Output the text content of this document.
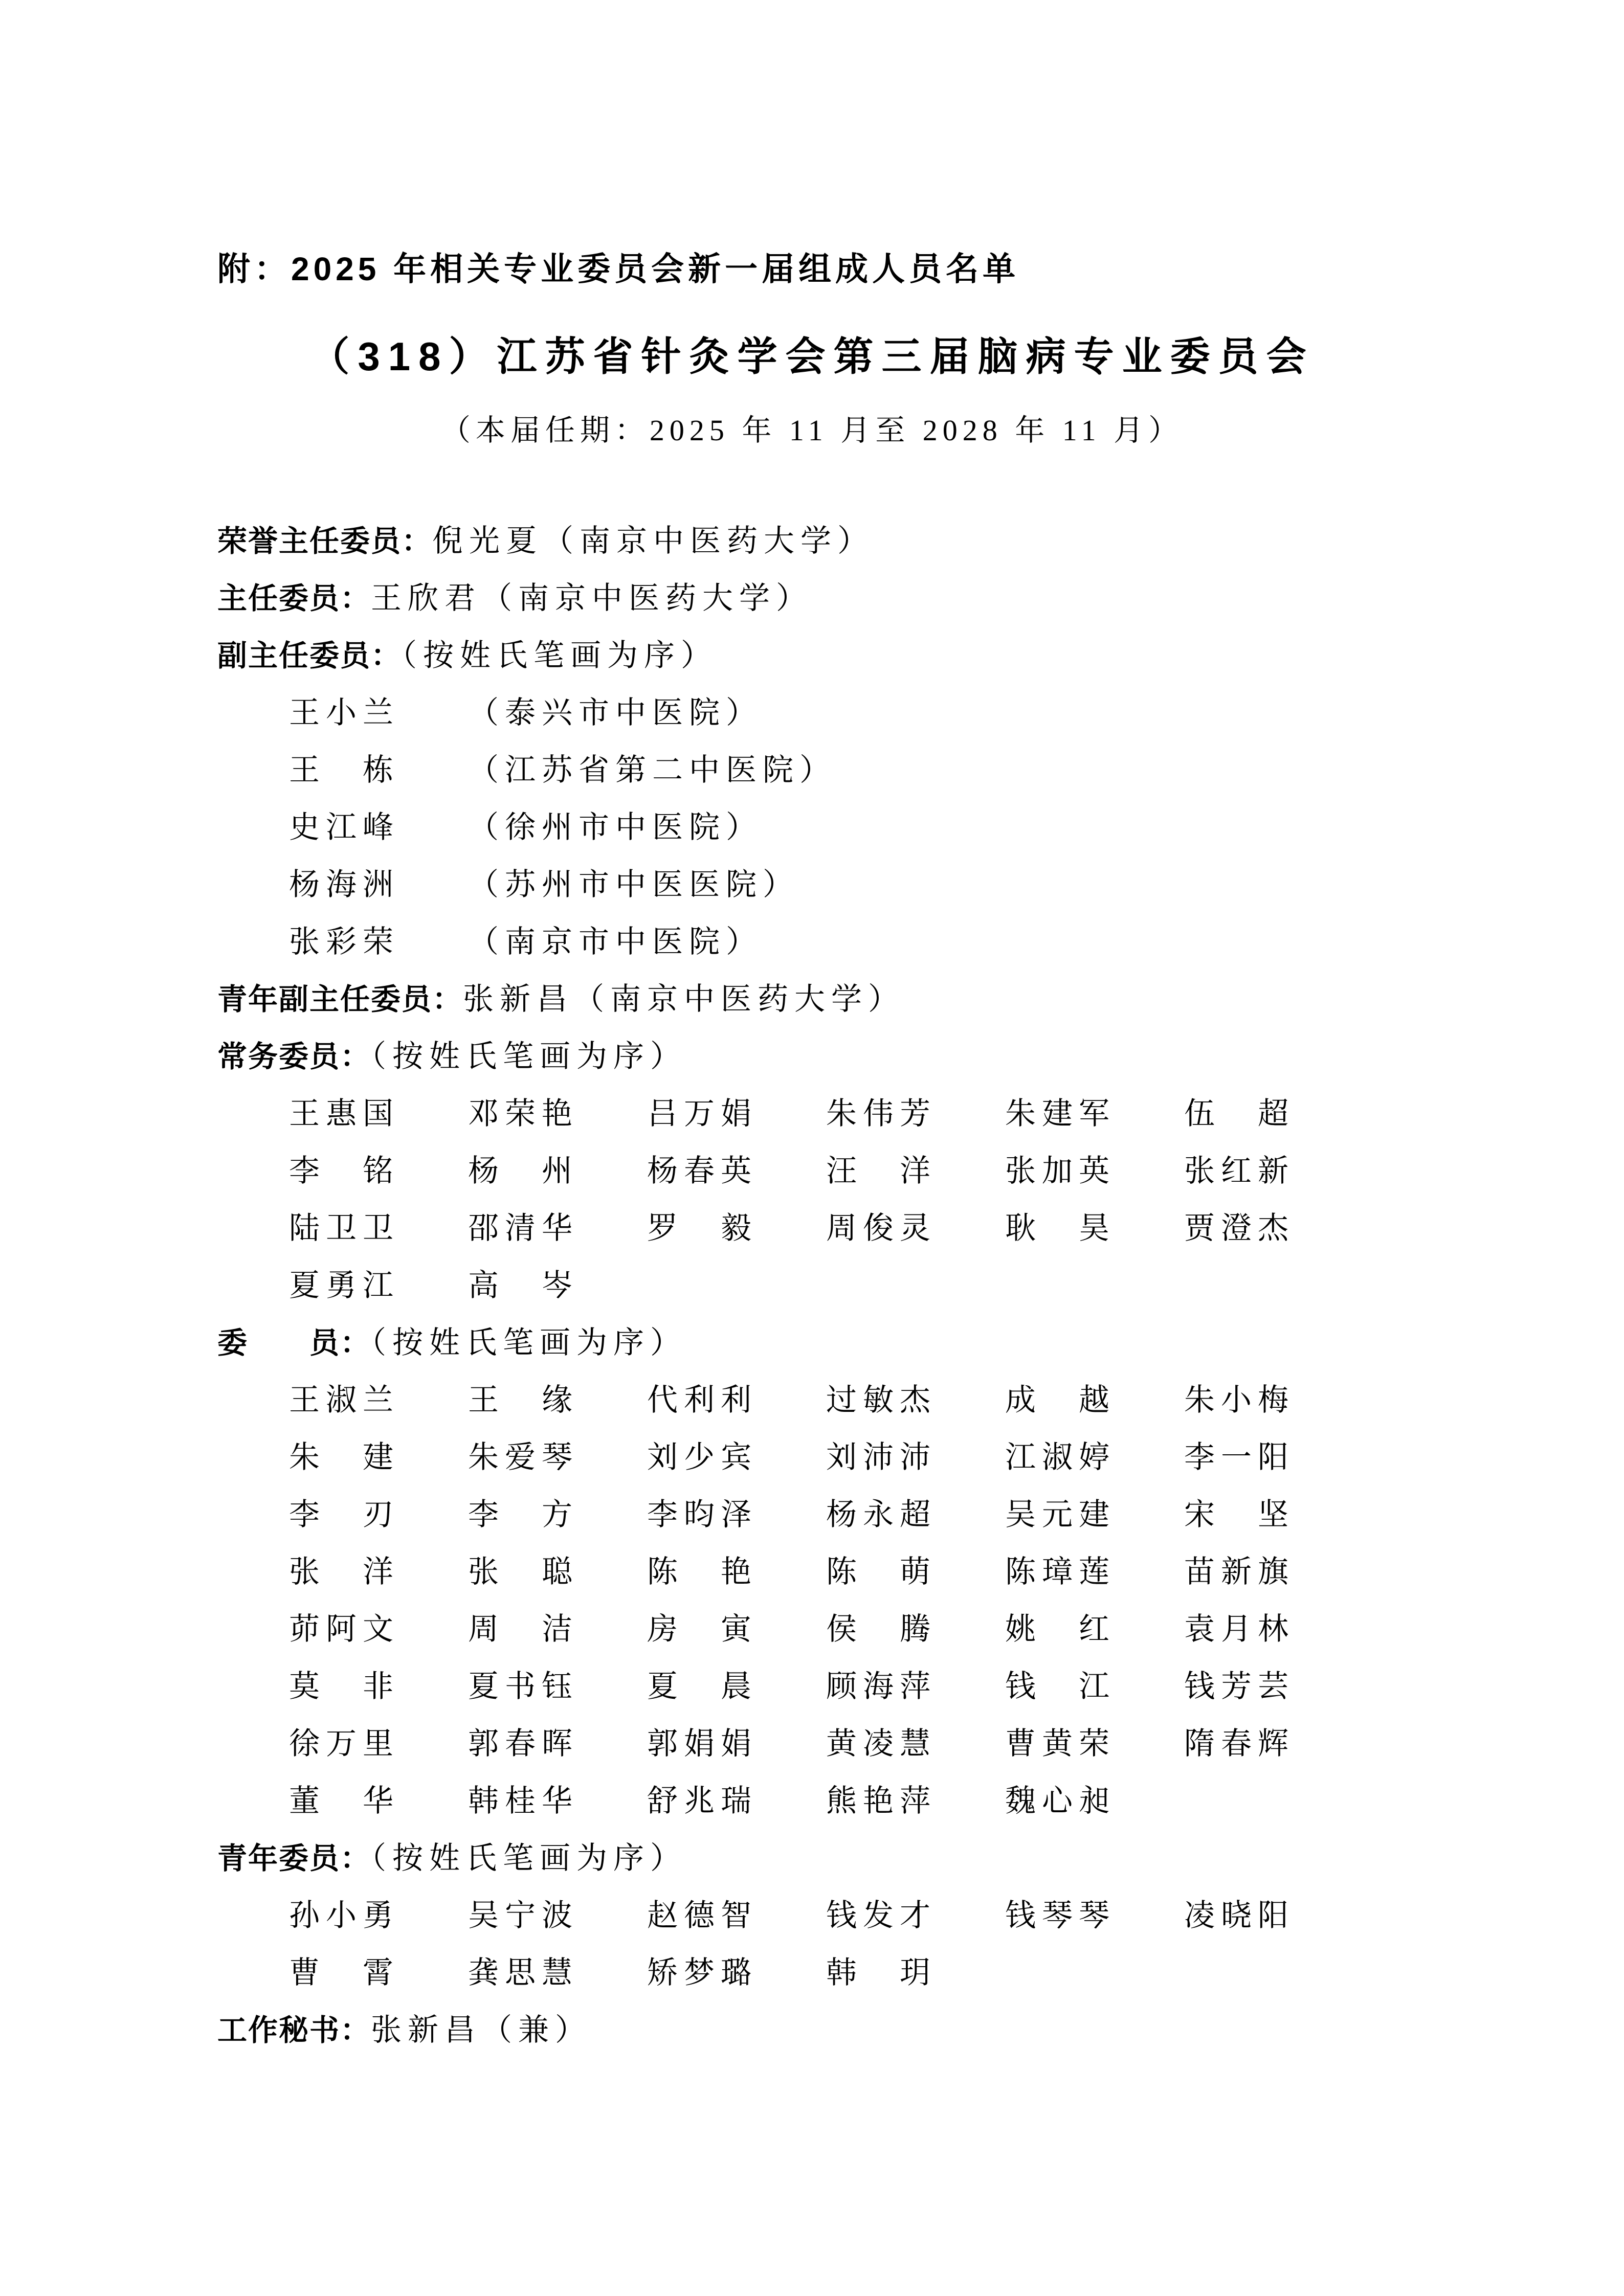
附：2025 年相关专业委员会新一届组成人员名单
（318）江苏省针灸学会第三届脑病专业委员会
（本届任期：2025 年 11 月至 2028 年 11 月）
荣誉主任委员：倪光夏（南京中医药大学）
主任委员：王欣君（南京中医药大学）
副主任委员：（按姓氏笔画为序）
王小兰 （泰兴市中医院）
王　栋 （江苏省第二中医院）
史江峰 （徐州市中医院）
杨海洲 （苏州市中医医院）
张彩荣 （南京市中医院）
青年副主任委员：张新昌（南京中医药大学）
常务委员：（按姓氏笔画为序）
王惠国	邓荣艳	吕万娟	朱伟芳	朱建军	伍　超
李　铭	杨　州	杨春英	汪　洋	张加英	张红新
陆卫卫	邵清华	罗　毅	周俊灵	耿　昊	贾澄杰
夏勇江	高　岑
委　　员：（按姓氏笔画为序）
王淑兰	王　缘	代利利	过敏杰	成　越	朱小梅
朱　建	朱爱琴	刘少宾	刘沛沛	江淑婷	李一阳
李　刃	李　方	李昀泽	杨永超	吴元建	宋　坚
张　洋	张　聪	陈　艳	陈　萌	陈璋莲	苗新旗
茆阿文	周　洁	房　寅	侯　腾	姚　红	袁月林
莫　非	夏书钰	夏　晨	顾海萍	钱　江	钱芳芸
徐万里	郭春晖	郭娟娟	黄凌慧	曹黄荣	隋春辉
董　华	韩桂华	舒兆瑞	熊艳萍	魏心昶
青年委员：（按姓氏笔画为序）
孙小勇	吴宁波	赵德智	钱发才	钱琴琴	凌晓阳
曹　霄	龚思慧	矫梦璐	韩　玥
工作秘书：张新昌（兼）
